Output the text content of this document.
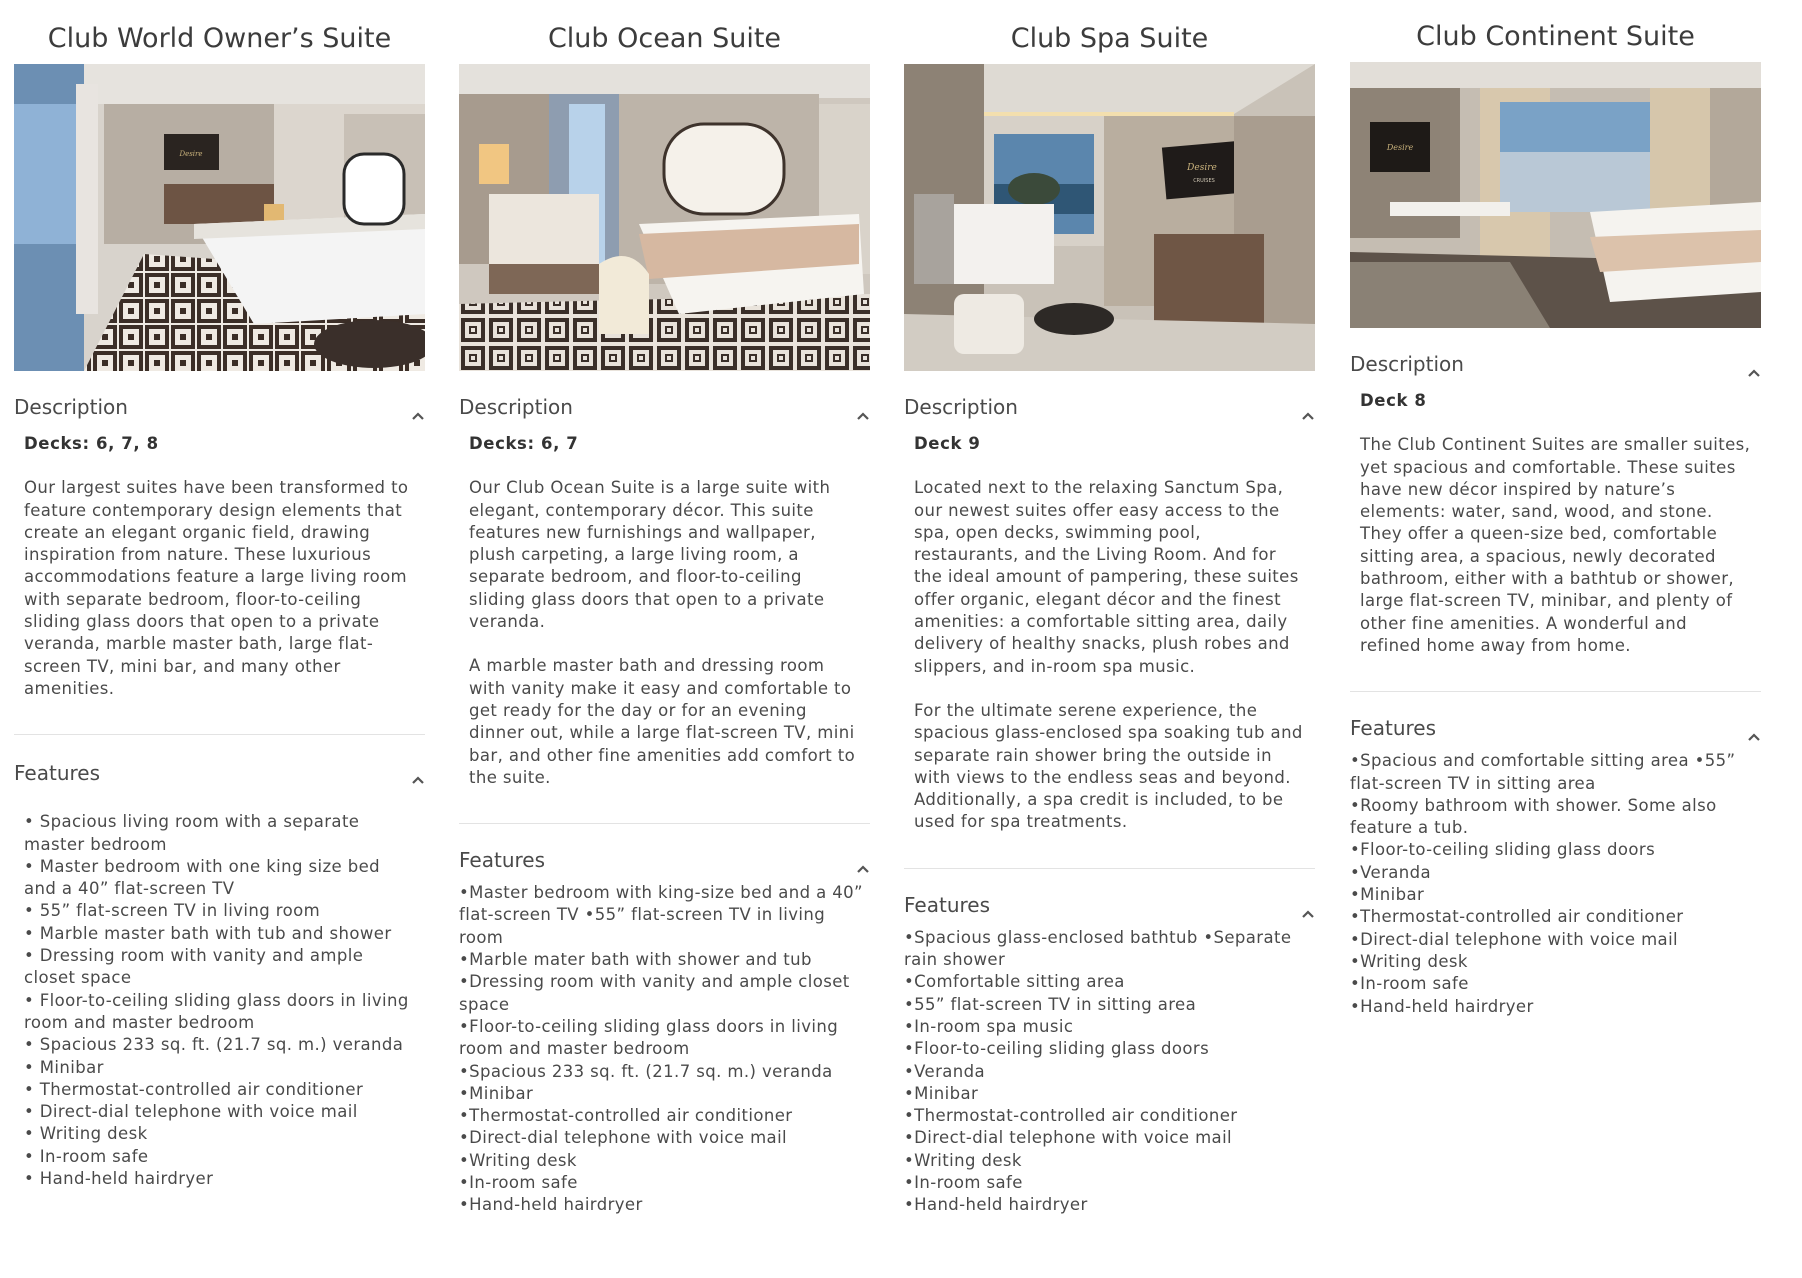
Club World Owner’s Suite
Desire
Description

Decks: 6, 7, 8

Our largest suites have been transformed to feature contemporary design elements that create an elegant organic field, drawing inspiration from nature. These luxurious accommodations feature a large living room with separate bedroom, floor-to-ceiling sliding glass doors that open to a private veranda, marble master bath, large flat-screen TV, mini bar, and many other amenities.

Features
• Spacious living room with a separate master bedroom
• Master bedroom with one king size bed and a 40” flat-screen TV
• 55” flat-screen TV in living room
• Marble master bath with tub and shower
• Dressing room with vanity and ample closet space
• Floor-to-ceiling sliding glass doors in living room and master bedroom
• Spacious 233 sq. ft. (21.7 sq. m.) veranda
• Minibar
• Thermostat-controlled air conditioner
• Direct-dial telephone with voice mail
• Writing desk
• In-room safe
• Hand-held hairdryer
Club Ocean Suite
Description

Decks: 6, 7

Our Club Ocean Suite is a large suite with elegant, contemporary décor. This suite features new furnishings and wallpaper, plush carpeting, a large living room, a separate bedroom, and floor-to-ceiling sliding glass doors that open to a private veranda.

A marble master bath and dressing room with vanity make it easy and comfortable to get ready for the day or for an evening dinner out, while a large flat-screen TV, mini bar, and other fine amenities add comfort to the suite.

Features
•Master bedroom with king-size bed and a 40” flat-screen TV •55” flat-screen TV in living room
•Marble mater bath with shower and tub
•Dressing room with vanity and ample closet space
•Floor-to-ceiling sliding glass doors in living room and master bedroom
•Spacious 233 sq. ft. (21.7 sq. m.) veranda
•Minibar
•Thermostat-controlled air conditioner
•Direct-dial telephone with voice mail
•Writing desk
•In-room safe
•Hand-held hairdryer
Club Spa Suite
Desire
CRUISES
Description

Deck 9

Located next to the relaxing Sanctum Spa, our newest suites offer easy access to the spa, open decks, swimming pool, restaurants, and the Living Room. And for the ideal amount of pampering, these suites offer organic, elegant décor and the finest amenities: a comfortable sitting area, daily delivery of healthy snacks, plush robes and slippers, and in-room spa music.

For the ultimate serene experience, the spacious glass-enclosed spa soaking tub and separate rain shower bring the outside in with views to the endless seas and beyond. Additionally, a spa credit is included, to be used for spa treatments.

Features
•Spacious glass-enclosed bathtub •Separate rain shower
•Comfortable sitting area
•55” flat-screen TV in sitting area
•In-room spa music
•Floor-to-ceiling sliding glass doors
•Veranda
•Minibar
•Thermostat-controlled air conditioner
•Direct-dial telephone with voice mail
•Writing desk
•In-room safe
•Hand-held hairdryer
Club Continent Suite
Desire
Description

Deck 8

The Club Continent Suites are smaller suites, yet spacious and comfortable. These suites have new décor inspired by nature’s elements: water, sand, wood, and stone. They offer a queen-size bed, comfortable sitting area, a spacious, newly decorated bathroom, either with a bathtub or shower, large flat-screen TV, minibar, and plenty of other fine amenities. A wonderful and refined home away from home.

Features
•Spacious and comfortable sitting area •55” flat-screen TV in sitting area
•Roomy bathroom with shower. Some also feature a tub.
•Floor-to-ceiling sliding glass doors
•Veranda
•Minibar
•Thermostat-controlled air conditioner
•Direct-dial telephone with voice mail
•Writing desk
•In-room safe
•Hand-held hairdryer
